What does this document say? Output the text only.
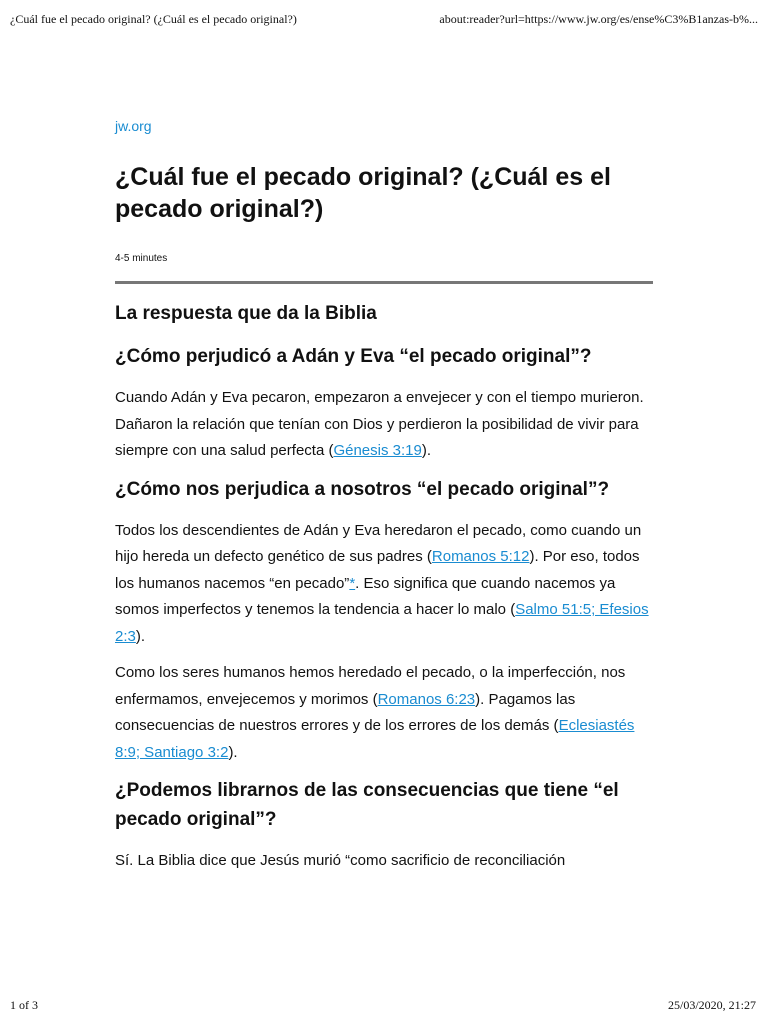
¿Cuál fue el pecado original? (¿Cuál es el pecado original?)	about:reader?url=https://www.jw.org/es/ense%C3%B1anzas-b%...
jw.org
¿Cuál fue el pecado original? (¿Cuál es el pecado original?)
4-5 minutes
La respuesta que da la Biblia
¿Cómo perjudicó a Adán y Eva “el pecado original”?

Cuando Adán y Eva pecaron, empezaron a envejecer y con el tiempo murieron. Dañaron la relación que tenían con Dios y perdieron la posibilidad de vivir para siempre con una salud perfecta (Génesis 3:19).

¿Cómo nos perjudica a nosotros “el pecado original”?

Todos los descendientes de Adán y Eva heredaron el pecado, como cuando un hijo hereda un defecto genético de sus padres (Romanos 5:12). Por eso, todos los humanos nacemos “en pecado”*. Eso significa que cuando nacemos ya somos imperfectos y tenemos la tendencia a hacer lo malo (Salmo 51:5; Efesios 2:3).

Como los seres humanos hemos heredado el pecado, o la imperfección, nos enfermamos, envejecemos y morimos (Romanos 6:23). Pagamos las consecuencias de nuestros errores y de los errores de los demás (Eclesiastés 8:9; Santiago 3:2).

¿Podemos librarnos de las consecuencias que tiene “el pecado original”?

Sí. La Biblia dice que Jesús murió “como sacrificio de reconciliación

1 of 3	25/03/2020, 21:27
